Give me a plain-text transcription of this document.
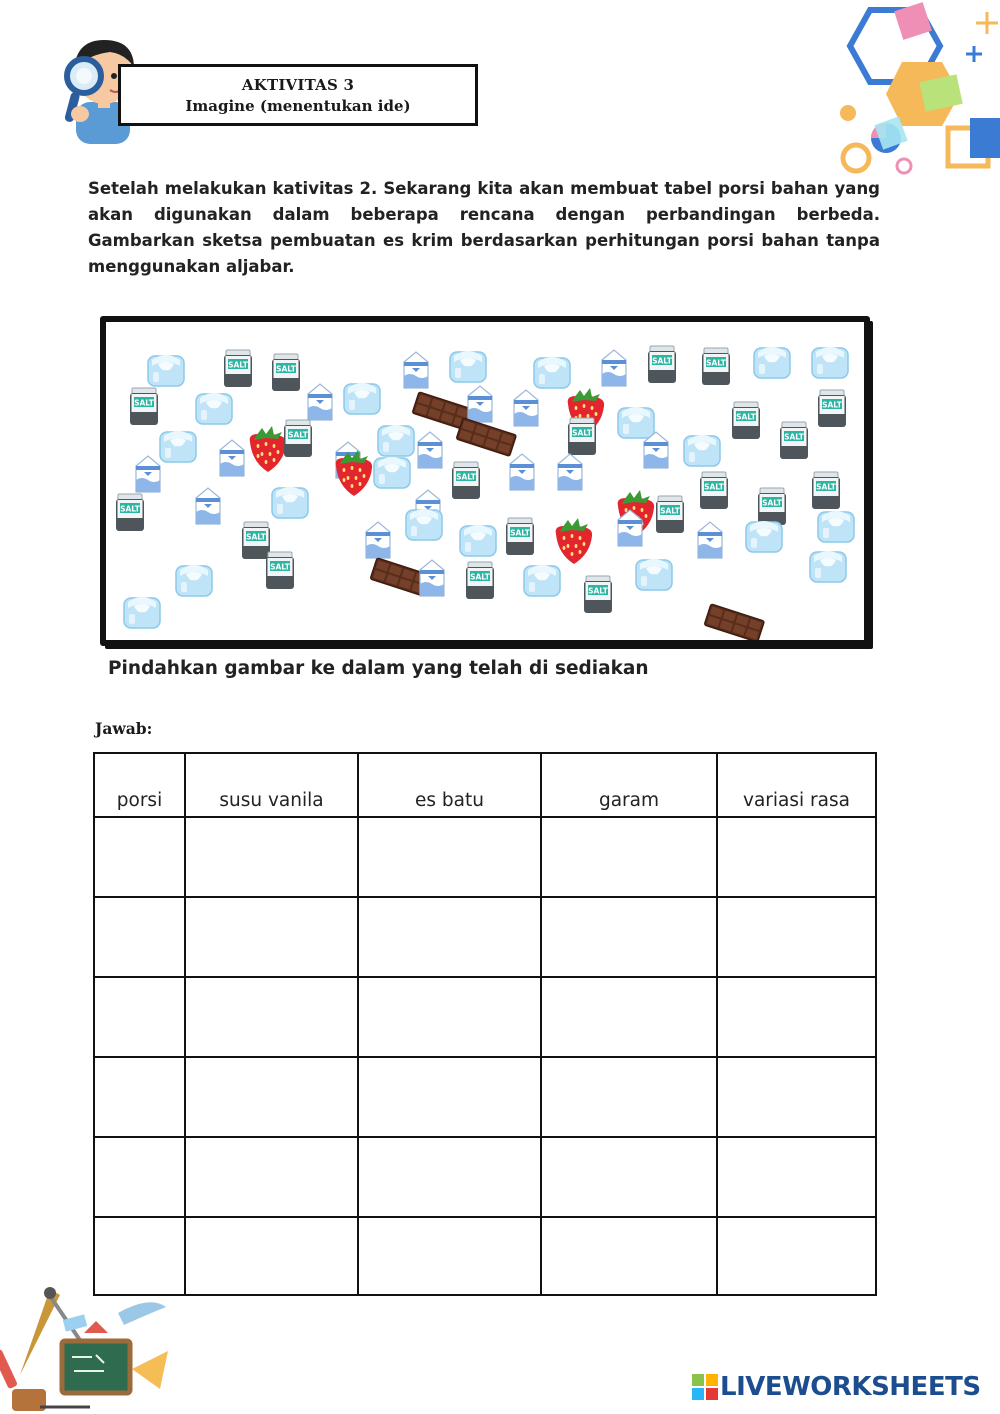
AKTIVITAS 3
Imagine (menentukan ide)

Setelah melakukan kativitas 2. Sekarang kita akan membuat tabel porsi bahan yang akan digunakan dalam beberapa rencana dengan perbandingan berbeda. Gambarkan sketsa pembuatan es krim berdasarkan perhitungan porsi bahan tanpa menggunakan aljabar.

SALT	SALT
SALT	SALT
SALT
SALT
SALT
SALT	SALT	SALT
SALT
SALT
SALT
SALT
SALT
SALT	SALT
SALT
SALT
SALT
SALT
Pindahkan gambar ke dalam yang telah di sediakan
Jawab:
porsi	susu vanila	es batu	garam	variasi rasa

LIVEWORKSHEETS
